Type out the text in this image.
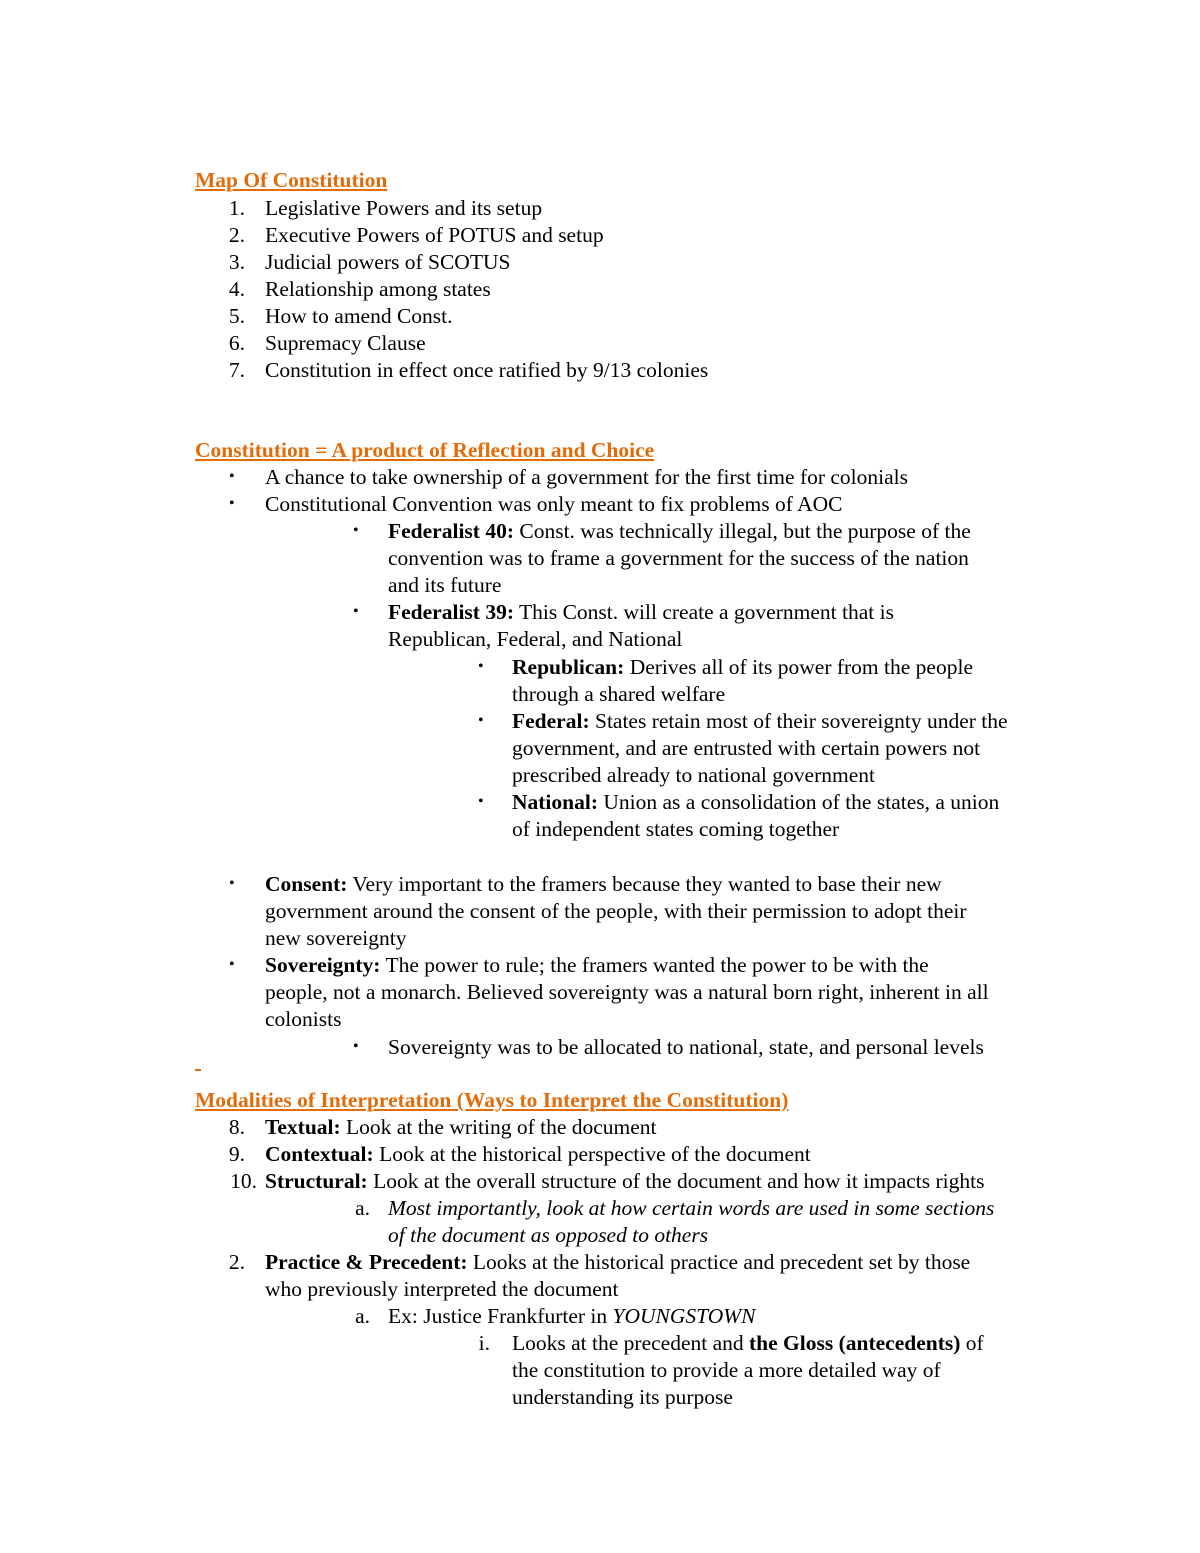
Map Of Constitution
1. Legislative Powers and its setup
2. Executive Powers of POTUS and setup
3. Judicial powers of SCOTUS
4. Relationship among states
5. How to amend Const.
6. Supremacy Clause
7. Constitution in effect once ratified by 9/13 colonies
Constitution = A product of Reflection and Choice
• A chance to take ownership of a government for the first time for colonials
• Constitutional Convention was only meant to fix problems of AOC
• Federalist 40: Const. was technically illegal, but the purpose of the
convention was to frame a government for the success of the nation
and its future
• Federalist 39: This Const. will create a government that is
Republican, Federal, and National
• Republican: Derives all of its power from the people
through a shared welfare
• Federal: States retain most of their sovereignty under the
government, and are entrusted with certain powers not
prescribed already to national government
• National: Union as a consolidation of the states, a union
of independent states coming together
• Consent: Very important to the framers because they wanted to base their new
government around the consent of the people, with their permission to adopt their
new sovereignty
• Sovereignty: The power to rule; the framers wanted the power to be with the
people, not a monarch. Believed sovereignty was a natural born right, inherent in all
colonists
• Sovereignty was to be allocated to national, state, and personal levels
Modalities of Interpretation (Ways to Interpret the Constitution)
8. Textual: Look at the writing of the document
9. Contextual: Look at the historical perspective of the document
10. Structural: Look at the overall structure of the document and how it impacts rights
a. Most importantly, look at how certain words are used in some sections
of the document as opposed to others
2. Practice & Precedent: Looks at the historical practice and precedent set by those
who previously interpreted the document
a. Ex: Justice Frankfurter in YOUNGSTOWN
i. Looks at the precedent and the Gloss (antecedents) of
the constitution to provide a more detailed way of
understanding its purpose
